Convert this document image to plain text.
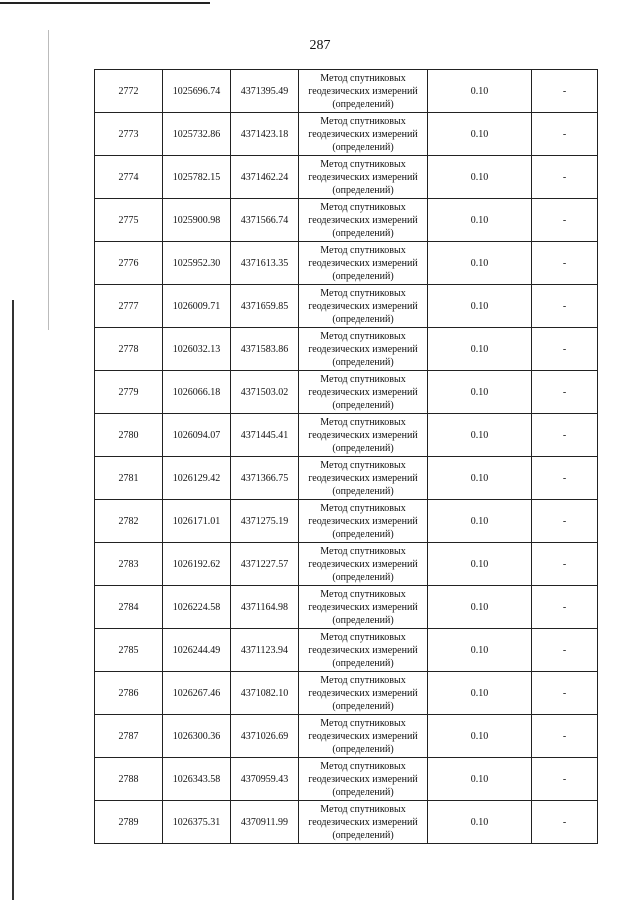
287
2772	1025696.74	4371395.49	Метод спутниковых
геодезических измерений
(определений)	0.10	-
2773	1025732.86	4371423.18	Метод спутниковых
геодезических измерений
(определений)	0.10	-
2774	1025782.15	4371462.24	Метод спутниковых
геодезических измерений
(определений)	0.10	-
2775	1025900.98	4371566.74	Метод спутниковых
геодезических измерений
(определений)	0.10	-
2776	1025952.30	4371613.35	Метод спутниковых
геодезических измерений
(определений)	0.10	-
2777	1026009.71	4371659.85	Метод спутниковых
геодезических измерений
(определений)	0.10	-
2778	1026032.13	4371583.86	Метод спутниковых
геодезических измерений
(определений)	0.10	-
2779	1026066.18	4371503.02	Метод спутниковых
геодезических измерений
(определений)	0.10	-
2780	1026094.07	4371445.41	Метод спутниковых
геодезических измерений
(определений)	0.10	-
2781	1026129.42	4371366.75	Метод спутниковых
геодезических измерений
(определений)	0.10	-
2782	1026171.01	4371275.19	Метод спутниковых
геодезических измерений
(определений)	0.10	-
2783	1026192.62	4371227.57	Метод спутниковых
геодезических измерений
(определений)	0.10	-
2784	1026224.58	4371164.98	Метод спутниковых
геодезических измерений
(определений)	0.10	-
2785	1026244.49	4371123.94	Метод спутниковых
геодезических измерений
(определений)	0.10	-
2786	1026267.46	4371082.10	Метод спутниковых
геодезических измерений
(определений)	0.10	-
2787	1026300.36	4371026.69	Метод спутниковых
геодезических измерений
(определений)	0.10	-
2788	1026343.58	4370959.43	Метод спутниковых
геодезических измерений
(определений)	0.10	-
2789	1026375.31	4370911.99	Метод спутниковых
геодезических измерений
(определений)	0.10	-
